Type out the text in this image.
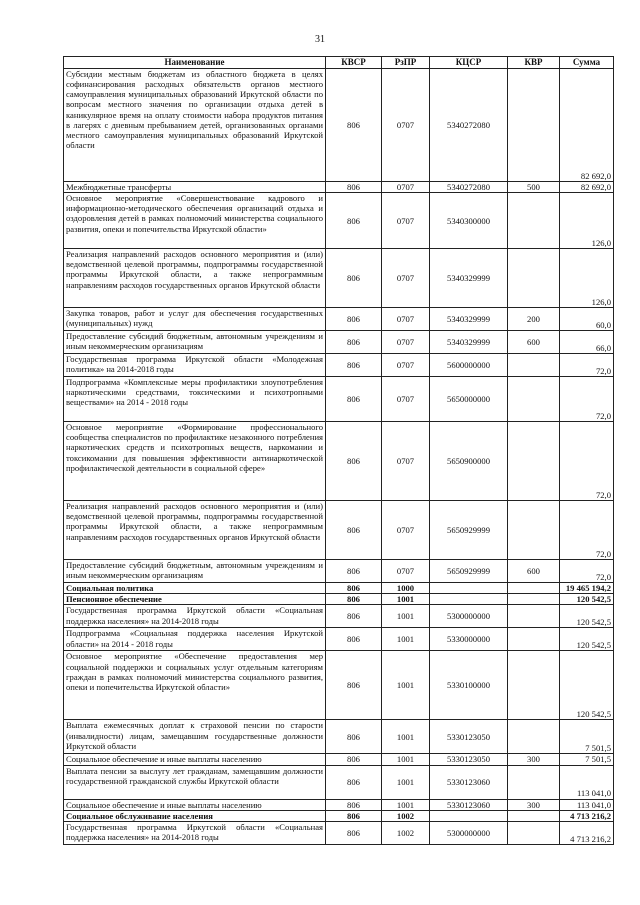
31
Наименование	КВСР	РзПР	КЦСР	КВР	Сумма
Субсидии местным бюджетам из областного бюджета в целях софинансирования расходных обязательств органов местного самоуправления муниципальных образований Иркутской области по вопросам местного значения по организации отдыха детей в каникулярное время на оплату стоимости набора продуктов питания в лагерях с дневным пребыванием детей, организованных органами местного самоуправления муниципальных образований Иркутской области	806	0707	5340272080		82 692,0
Межбюджетные трансферты	806	0707	5340272080	500	82 692,0
Основное мероприятие «Совершенствование кадрового и информационно-методического обеспечения организаций отдыха и оздоровления детей в рамках полномочий министерства социального развития, опеки и попечительства Иркутской области»	806	0707	5340300000		126,0
Реализация направлений расходов основного мероприятия и (или) ведомственной целевой программы, подпрограммы государственной программы Иркутской области, а также непрограммным направлениям расходов государственных органов Иркутской области	806	0707	5340329999		126,0
Закупка товаров, работ и услуг для обеспечения государственных (муниципальных) нужд	806	0707	5340329999	200	60,0
Предоставление субсидий бюджетным, автономным учреждениям и иным некоммерческим организациям	806	0707	5340329999	600	66,0
Государственная программа Иркутской области «Молодежная политика» на 2014-2018 годы	806	0707	5600000000		72,0
Подпрограмма «Комплексные меры профилактики злоупотребления наркотическими средствами, токсическими и психотропными веществами» на 2014 - 2018 годы	806	0707	5650000000		72,0
Основное мероприятие «Формирование профессионального сообщества специалистов по профилактике незаконного потребления наркотических средств и психотропных веществ, наркомании и токсикомании для повышения эффективности антинаркотической профилактической деятельности в социальной сфере»	806	0707	5650900000		72,0
Реализация направлений расходов основного мероприятия и (или) ведомственной целевой программы, подпрограммы государственной программы Иркутской области, а также непрограммным направлениям расходов государственных органов Иркутской области	806	0707	5650929999		72,0
Предоставление субсидий бюджетным, автономным учреждениям и иным некоммерческим организациям	806	0707	5650929999	600	72,0
Социальная политика	806	1000			19 465 194,2
Пенсионное обеспечение	806	1001			120 542,5
Государственная программа Иркутской области «Социальная поддержка населения» на 2014-2018 годы	806	1001	5300000000		120 542,5
Подпрограмма «Социальная поддержка населения Иркутской области» на 2014 - 2018 годы	806	1001	5330000000		120 542,5
Основное мероприятие «Обеспечение предоставления мер социальной поддержки и социальных услуг отдельным категориям граждан в рамках полномочий министерства социального развития, опеки и попечительства Иркутской области»	806	1001	5330100000		120 542,5
Выплата ежемесячных доплат к страховой пенсии по старости (инвалидности) лицам, замещавшим государственные должности Иркутской области	806	1001	5330123050		7 501,5
Социальное обеспечение и иные выплаты населению	806	1001	5330123050	300	7 501,5
Выплата пенсии за выслугу лет гражданам, замещавшим должности государственной гражданской службы Иркутской области	806	1001	5330123060		113 041,0
Социальное обеспечение и иные выплаты населению	806	1001	5330123060	300	113 041,0
Социальное обслуживание населения	806	1002			4 713 216,2
Государственная программа Иркутской области «Социальная поддержка населения» на 2014-2018 годы	806	1002	5300000000		4 713 216,2
